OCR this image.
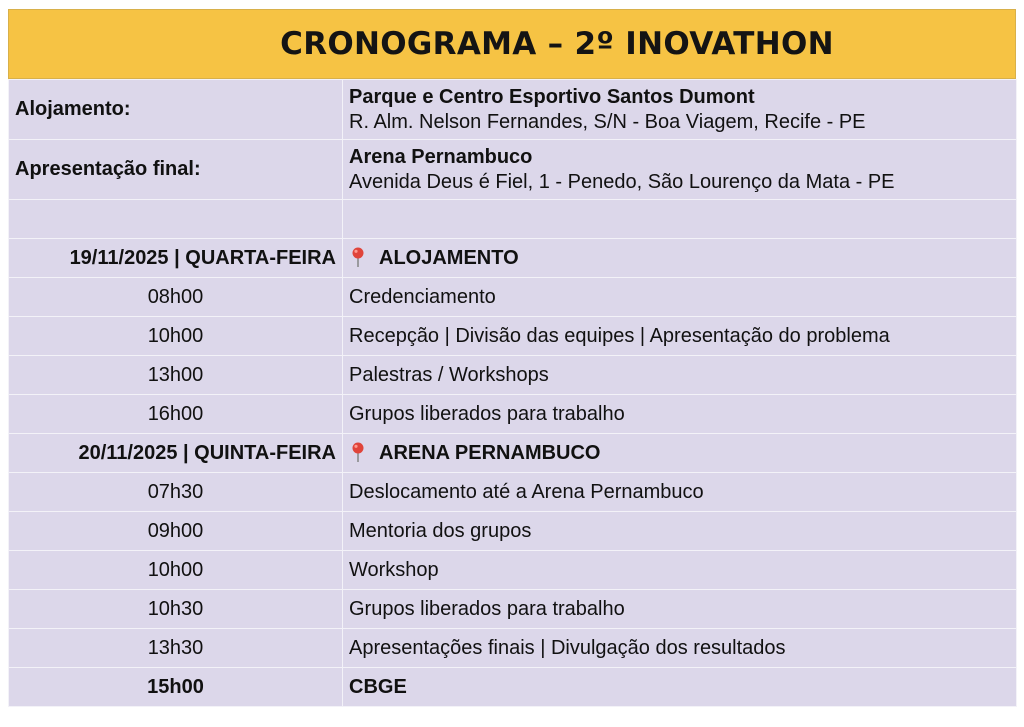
CRONOGRAMA – 2º INOVATHON
Alojamento:	Parque e Centro Esportivo Santos Dumont
R. Alm. Nelson Fernandes, S/N - Boa Viagem, Recife - PE

Apresentação final:	Arena Pernambuco
Avenida Deus é Fiel, 1 - Penedo, São Lourenço da Mata - PE

19/11/2025 | QUARTA-FEIRA	ALOJAMENTO
08h00	Credenciamento
10h00	Recepção | Divisão das equipes | Apresentação do problema
13h00	Palestras / Workshops
16h00	Grupos liberados para trabalho
20/11/2025 | QUINTA-FEIRA	ARENA PERNAMBUCO
07h30	Deslocamento até a Arena Pernambuco
09h00	Mentoria dos grupos
10h00	Workshop
10h30	Grupos liberados para trabalho
13h30	Apresentações finais | Divulgação dos resultados
15h00	CBGE
